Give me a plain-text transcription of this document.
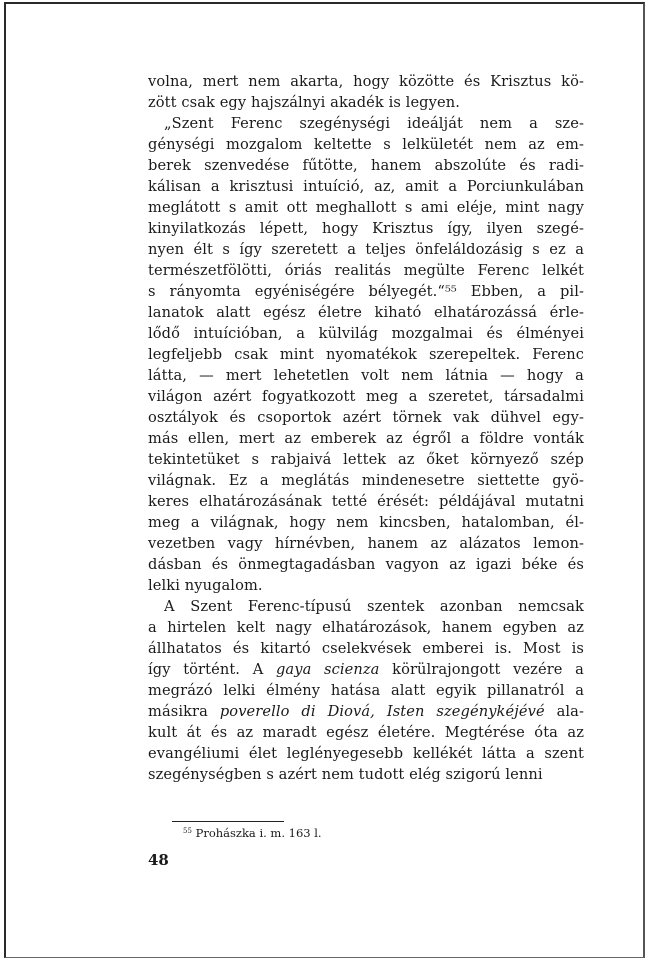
volna, mert nem akarta, hogy közötte és Krisztus kö-
zött csak egy hajszálnyi akadék is legyen.
„Szent Ferenc szegénységi ideálját nem a sze-
génységi mozgalom keltette s lelkületét nem az em-
berek szenvedése fűtötte, hanem abszolúte és radi-
kálisan a krisztusi intuíció, az, amit a Porciunkulában
meglátott s amit ott meghallott s ami eléje, mint nagy
kinyilatkozás lépett, hogy Krisztus így, ilyen szegé-
nyen élt s így szeretett a teljes önfeláldozásig s ez a
természetfölötti, óriás realitás megülte Ferenc lelkét
s rányomta egyéniségére bélyegét.“⁵⁵ Ebben, a pil-
lanatok alatt egész életre kiható elhatározássá érle-
lődő intuícióban, a külvilág mozgalmai és élményei
legfeljebb csak mint nyomatékok szerepeltek. Ferenc
látta, — mert lehetetlen volt nem látnia — hogy a
világon azért fogyatkozott meg a szeretet, társadalmi
osztályok és csoportok azért törnek vak dühvel egy-
más ellen, mert az emberek az égről a földre vonták
tekintetüket s rabjaivá lettek az őket környező szép
világnak. Ez a meglátás mindenesetre siettette gyö-
keres elhatározásának tetté érését: példájával mutatni
meg a világnak, hogy nem kincsben, hatalomban, él-
vezetben vagy hírnévben, hanem az alázatos lemon-
dásban és önmegtagadásban vagyon az igazi béke és
lelki nyugalom.
A Szent Ferenc-típusú szentek azonban nemcsak
a hirtelen kelt nagy elhatározások, hanem egyben az
állhatatos és kitartó cselekvések emberei is. Most is
így történt. A gaya scienza körülrajongott vezére a
megrázó lelki élmény hatása alatt egyik pillanatról a
másikra poverello di Diová, Isten szegénykéjévé ala-
kult át és az maradt egész életére. Megtérése óta az
evangéliumi élet leglényegesebb kellékét látta a szent
szegénységben s azért nem tudott elég szigorú lenni
$^{55}$ Prohászka i. m. 163 l.
48
